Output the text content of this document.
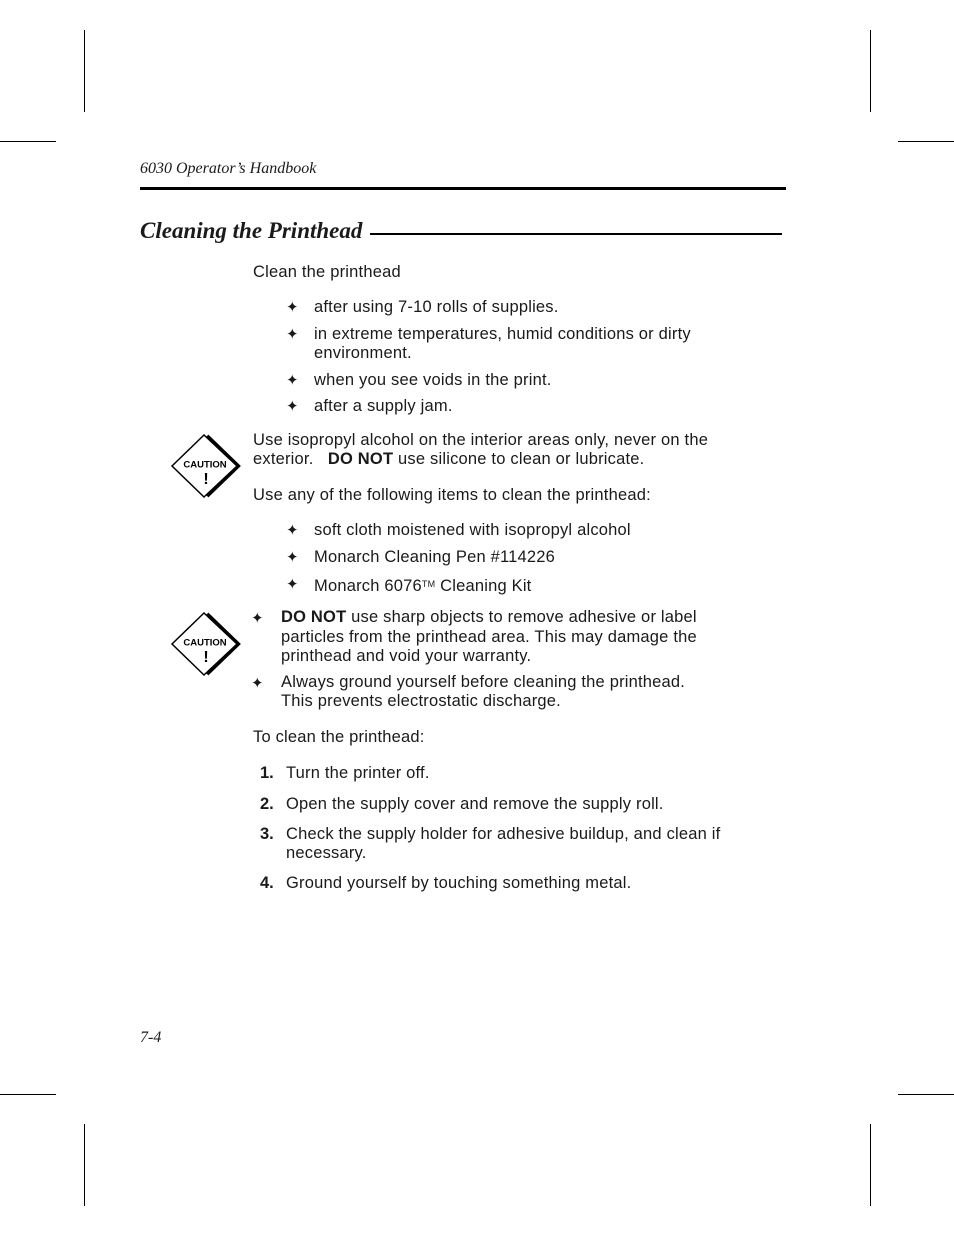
6030 Operator’s Handbook
Cleaning the Printhead
Clean the printhead
✦ after using 7-10 rolls of supplies.
✦ in extreme temperatures, humid conditions or dirty
environment.
✦ when you see voids in the print.
✦ after a supply jam.
CAUTION
!
Use isopropyl alcohol on the interior areas only, never on the
exterior. DO NOT use silicone to clean or lubricate.
Use any of the following items to clean the printhead:
✦ soft cloth moistened with isopropyl alcohol
✦ Monarch Cleaning Pen #114226
✦ Monarch 6076™ Cleaning Kit
CAUTION
!
✦ DO NOT use sharp objects to remove adhesive or label
particles from the printhead area. This may damage the
printhead and void your warranty.
✦ Always ground yourself before cleaning the printhead.
This prevents electrostatic discharge.
To clean the printhead:
1. Turn the printer off.
2. Open the supply cover and remove the supply roll.
3. Check the supply holder for adhesive buildup, and clean if
necessary.
4. Ground yourself by touching something metal.
7-4
